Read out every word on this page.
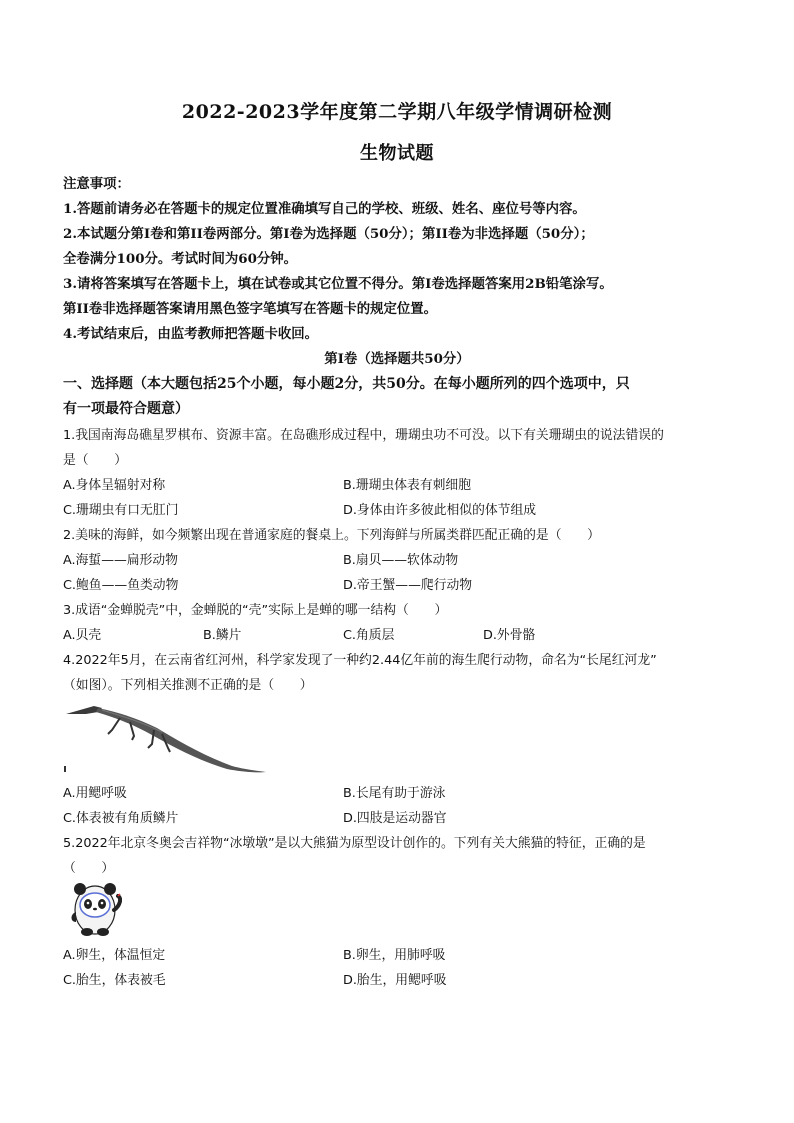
2022-2023学年度第二学期八年级学情调研检测
生物试题
注意事项：
1.答题前请务必在答题卡的规定位置准确填写自己的学校、班级、姓名、座位号等内容。
2.本试题分第I卷和第II卷两部分。第I卷为选择题（50分）；第II卷为非选择题（50分）；
全卷满分100分。考试时间为60分钟。
3.请将答案填写在答题卡上，填在试卷或其它位置不得分。第I卷选择题答案用2B铅笔涂写。
第II卷非选择题答案请用黑色签字笔填写在答题卡的规定位置。
4.考试结束后，由监考教师把答题卡收回。
第I卷（选择题共50分）
一、选择题（本大题包括25个小题，每小题2分，共50分。在每小题所列的四个选项中，只
有一项最符合题意）
1.我国南海岛礁星罗棋布、资源丰富。在岛礁形成过程中，珊瑚虫功不可没。以下有关珊瑚虫的说法错误的
是（　　）
A.身体呈辐射对称	B.珊瑚虫体表有刺细胞
C.珊瑚虫有口无肛门	D.身体由许多彼此相似的体节组成
2.美味的海鲜，如今频繁出现在普通家庭的餐桌上。下列海鲜与所属类群匹配正确的是（　　）
A.海蜇——扁形动物	B.扇贝——软体动物
C.鲍鱼——鱼类动物	D.帝王蟹——爬行动物
3.成语“金蝉脱壳”中，金蝉脱的“壳”实际上是蝉的哪一结构（　　）
A.贝壳	B.鳞片	C.角质层	D.外骨骼
4.2022年5月，在云南省红河州，科学家发现了一种约2.44亿年前的海生爬行动物，命名为“长尾红河龙”
（如图）。下列相关推测不正确的是（　　）
A.用鳃呼吸	B.长尾有助于游泳
C.体表被有角质鳞片	D.四肢是运动器官
5.2022年北京冬奥会吉祥物“冰墩墩”是以大熊猫为原型设计创作的。下列有关大熊猫的特征，正确的是
（　　）
A.卵生，体温恒定	B.卵生，用肺呼吸
C.胎生，体表被毛	D.胎生，用鳃呼吸
